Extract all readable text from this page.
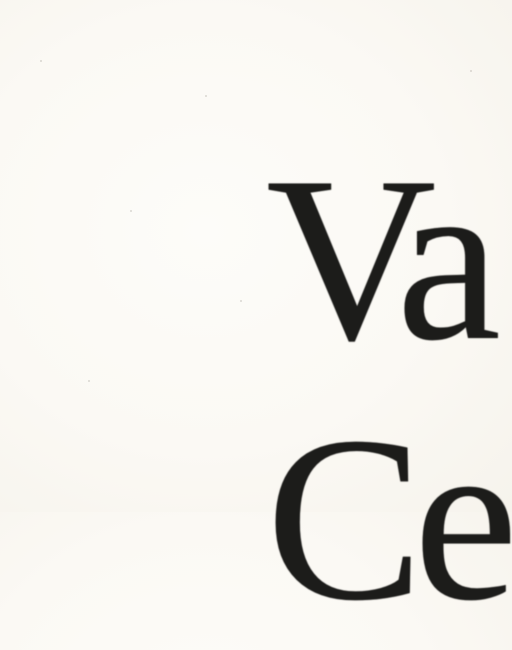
Va
Ce
